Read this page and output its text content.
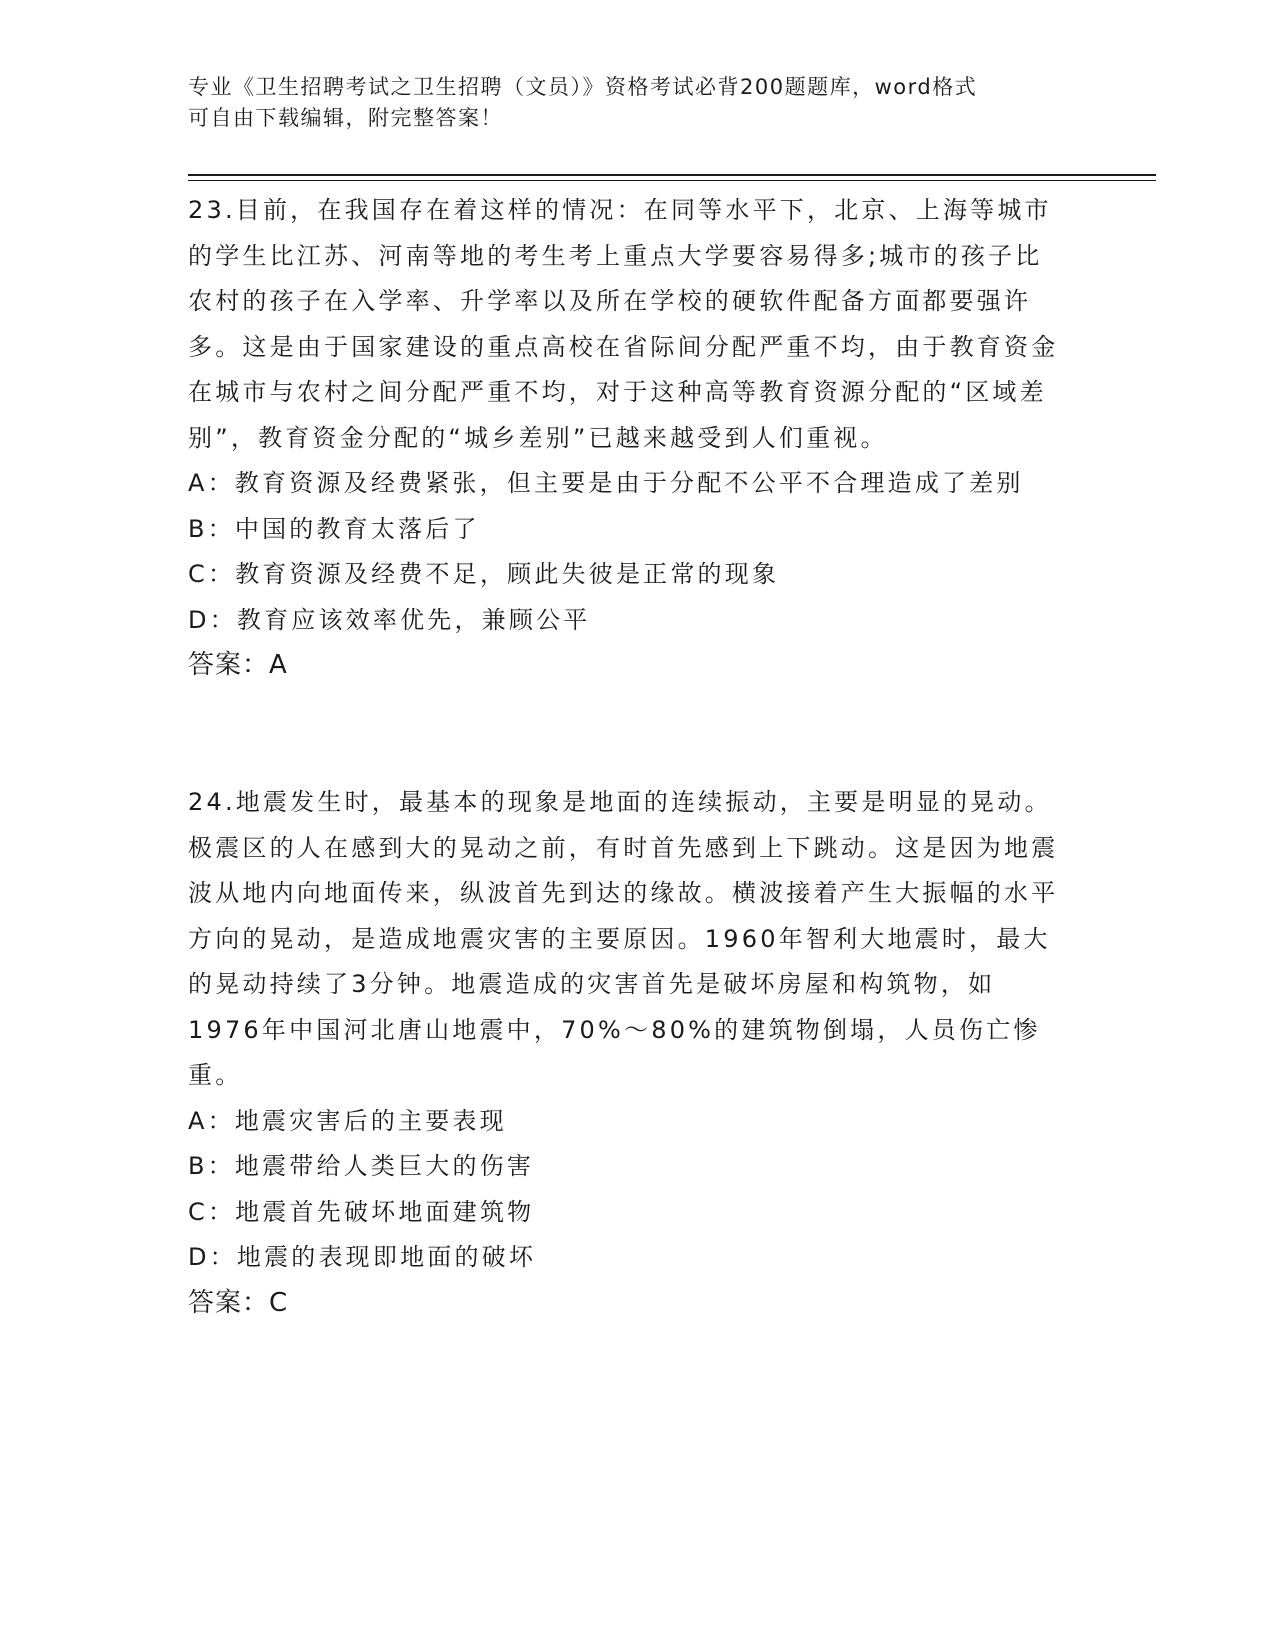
专业《卫生招聘考试之卫生招聘（文员）》资格考试必背200题题库，word格式
可自由下载编辑，附完整答案！

23.目前，在我国存在着这样的情况：在同等水平下，北京、上海等城市的学生比江苏、河南等地的考生考上重点大学要容易得多;城市的孩子比农村的孩子在入学率、升学率以及所在学校的硬软件配备方面都要强许多。这是由于国家建设的重点高校在省际间分配严重不均，由于教育资金在城市与农村之间分配严重不均，对于这种高等教育资源分配的“区域差别”，教育资金分配的“城乡差别”已越来越受到人们重视。

A：教育资源及经费紧张，但主要是由于分配不公平不合理造成了差别

B：中国的教育太落后了

C：教育资源及经费不足，顾此失彼是正常的现象

D：教育应该效率优先，兼顾公平

答案：A

24.地震发生时，最基本的现象是地面的连续振动，主要是明显的晃动。极震区的人在感到大的晃动之前，有时首先感到上下跳动。这是因为地震波从地内向地面传来，纵波首先到达的缘故。横波接着产生大振幅的水平方向的晃动，是造成地震灾害的主要原因。1960年智利大地震时，最大的晃动持续了3分钟。地震造成的灾害首先是破坏房屋和构筑物，如1976年中国河北唐山地震中，70%～80%的建筑物倒塌，人员伤亡惨重。

A：地震灾害后的主要表现

B：地震带给人类巨大的伤害

C：地震首先破坏地面建筑物

D：地震的表现即地面的破坏

答案：C
